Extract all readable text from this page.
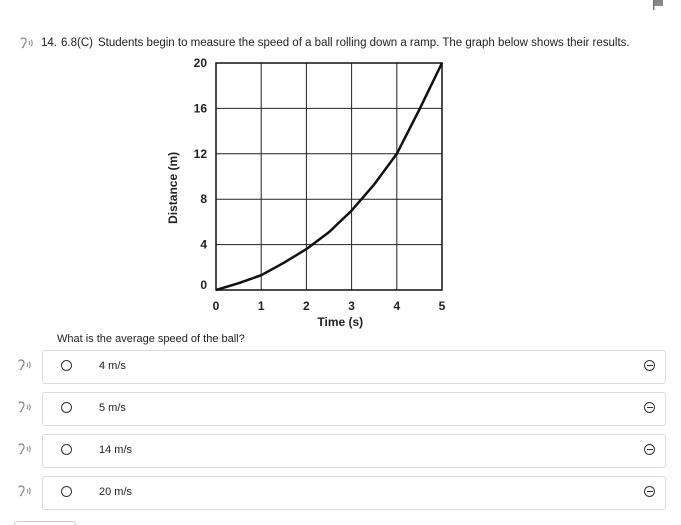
14. 6.8(C) Students begin to measure the speed of a ball rolling down a ramp. The graph below shows their results.
0	1	2	3	4	5
0
4
8
12
16
20
Time (s)
Distance (m)
What is the average speed of the ball?
4 m/s
5 m/s
14 m/s
20 m/s
